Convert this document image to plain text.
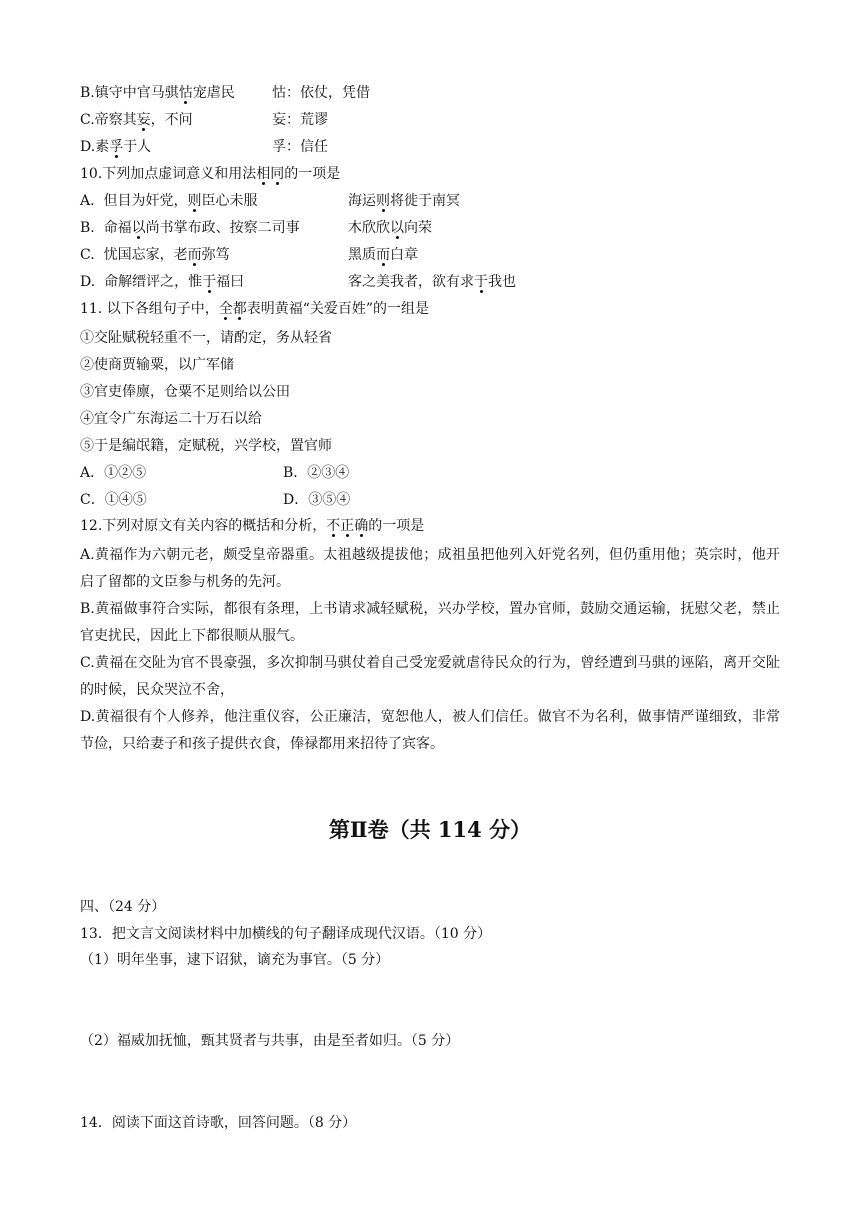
B.镇守中官马骐怙宠虐民	怙：依仗，凭借
C.帝察其妄，不问	妄：荒谬
D.素孚于人	孚：信任
10.下列加点虚词意义和用法相同的一项是
A. 但目为奸党，则臣心未服	海运则将徙于南冥
B. 命福以尚书掌布政、按察二司事	木欣欣以向荣
C. 忧国忘家，老而弥笃	黑质而白章
D. 命解缙评之，惟于福曰	客之美我者，欲有求于我也
11. 以下各组句子中，全都表明黄福“关爱百姓”的一组是
①交阯赋税轻重不一，请酌定，务从轻省
②使商贾输粟，以广军储
③官吏俸廪，仓粟不足则给以公田
④宜令广东海运二十万石以给
⑤于是编氓籍，定赋税，兴学校，置官师
A．①②⑤	B．②③④
C．①④⑤	D．③⑤④
12.下列对原文有关内容的概括和分析，不正确的一项是
A.黄福作为六朝元老，颇受皇帝器重。太祖越级提拔他；成祖虽把他列入奸党名列，但仍重用他；英宗时，他开启了留都的文臣参与机务的先河。
B.黄福做事符合实际，都很有条理，上书请求减轻赋税，兴办学校，置办官师，鼓励交通运输，抚慰父老，禁止官吏扰民，因此上下都很顺从服气。
C.黄福在交阯为官不畏豪强，多次抑制马骐仗着自己受宠爱就虐待民众的行为，曾经遭到马骐的诬陷，离开交阯的时候，民众哭泣不舍，
D.黄福很有个人修养，他注重仪容，公正廉洁，宽恕他人，被人们信任。做官不为名利，做事情严谨细致，非常节俭，只给妻子和孩子提供衣食，俸禄都用来招待了宾客。
第Ⅱ卷（共 114 分）
四、（24 分）
13．把文言文阅读材料中加横线的句子翻译成现代汉语。（10 分）
（1）明年坐事，逮下诏狱，谪充为事官。（5 分）
（2）福威加抚恤，甄其贤者与共事，由是至者如归。（5 分）
14．阅读下面这首诗歌，回答问题。（8 分）
